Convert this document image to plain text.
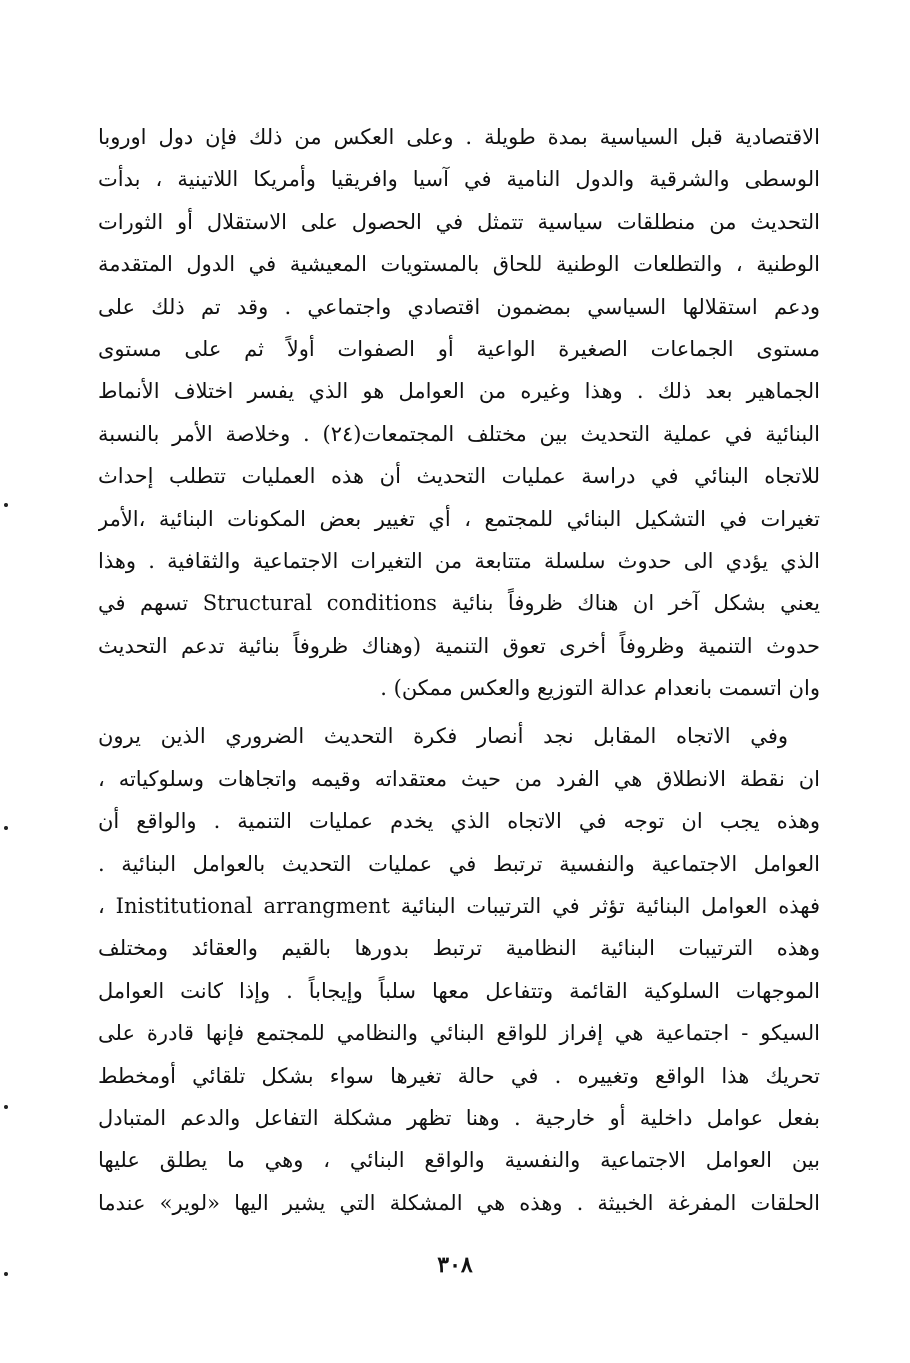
الاقتصادية قبل السياسية بمدة طويلة . وعلى العكس من ذلك فإن دول اوروبا
الوسطى والشرقية والدول النامية في آسيا وافريقيا وأمريكا اللاتينية ، بدأت
التحديث من منطلقات سياسية تتمثل في الحصول على الاستقلال أو الثورات
الوطنية ، والتطلعات الوطنية للحاق بالمستويات المعيشية في الدول المتقدمة
ودعم استقلالها السياسي بمضمون اقتصادي واجتماعي . وقد تم ذلك على
مستوى الجماعات الصغيرة الواعية أو الصفوات أولاً ثم على مستوى
الجماهير بعد ذلك . وهذا وغيره من العوامل هو الذي يفسر اختلاف الأنماط
البنائية في عملية التحديث بين مختلف المجتمعات(٢٤) . وخلاصة الأمر بالنسبة
للاتجاه البنائي في دراسة عمليات التحديث أن هذه العمليات تتطلب إحداث
تغيرات في التشكيل البنائي للمجتمع ، أي تغيير بعض المكونات البنائية ،الأمر
الذي يؤدي الى حدوث سلسلة متتابعة من التغيرات الاجتماعية والثقافية . وهذا
يعني بشكل آخر ان هناك ظروفاً بنائية Structural conditions تسهم في
حدوث التنمية وظروفاً أخرى تعوق التنمية (وهناك ظروفاً بنائية تدعم التحديث
وان اتسمت بانعدام عدالة التوزيع والعكس ممكن) .
وفي الاتجاه المقابل نجد أنصار فكرة التحديث الضروري الذين يرون
ان نقطة الانطلاق هي الفرد من حيث معتقداته وقيمه واتجاهات وسلوكياته ،
وهذه يجب ان توجه في الاتجاه الذي يخدم عمليات التنمية . والواقع أن
العوامل الاجتماعية والنفسية ترتبط في عمليات التحديث بالعوامل البنائية .
فهذه العوامل البنائية تؤثر في الترتيبات البنائية Inistitutional arrangment ،
وهذه الترتيبات البنائية النظامية ترتبط بدورها بالقيم والعقائد ومختلف
الموجهات السلوكية القائمة وتتفاعل معها سلباً وإيجاباً . وإذا كانت العوامل
السيكو - اجتماعية هي إفراز للواقع البنائي والنظامي للمجتمع فإنها قادرة على
تحريك هذا الواقع وتغييره . في حالة تغيرها سواء بشكل تلقائي أومخطط
بفعل عوامل داخلية أو خارجية . وهنا تظهر مشكلة التفاعل والدعم المتبادل
بين العوامل الاجتماعية والنفسية والواقع البنائي ، وهي ما يطلق عليها
الحلقات المفرغة الخبيثة . وهذه هي المشكلة التي يشير اليها «لوير» عندما
٣٠٨
